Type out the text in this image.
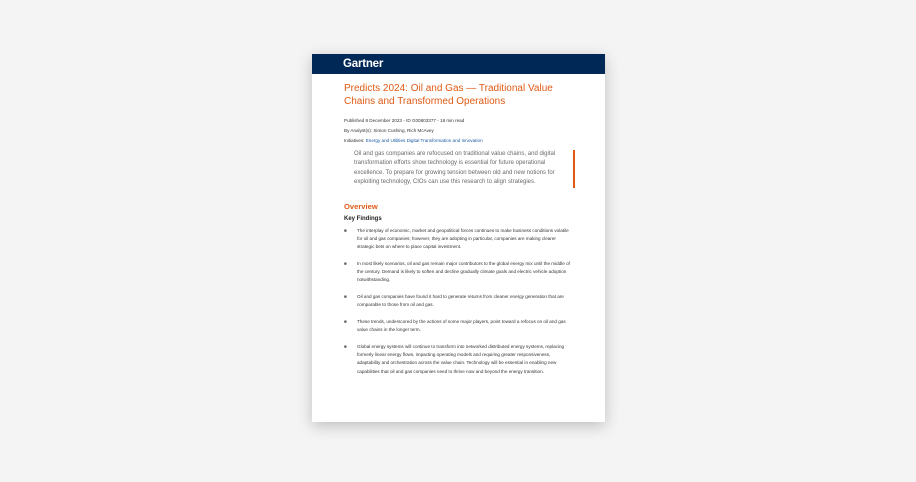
Gartner
Predicts 2024: Oil and Gas — Traditional Value Chains and Transformed Operations
Published 8 December 2023 - ID G00803377 - 18 min read
By Analyst(s): Simon Cushing, Rich McAvey
Initiatives: Energy and Utilities Digital Transformation and Innovation
Oil and gas companies are refocused on traditional value chains, and digital transformation efforts show technology is essential for future operational excellence. To prepare for growing tension between old and new notions for exploiting technology, CIOs can use this research to align strategies.
Overview
Key Findings
■	The interplay of economic, market and geopolitical forces continues to make business conditions volatile for oil and gas companies; however, they are adopting in particular, companies are making clearer strategic bets on where to place capital investment.
■	In most likely scenarios, oil and gas remain major contributors to the global energy mix until the middle of the century. Demand is likely to soften and decline gradually climate goals and electric vehicle adoption notwithstanding.
■	Oil and gas companies have found it hard to generate returns from cleaner energy generation that are comparable to those from oil and gas.
■	These trends, underscored by the actions of some major players, point toward a refocus on oil and gas value chains in the longer term.
■	Global energy systems will continue to transform into networked distributed energy systems, replacing formerly linear energy flows, impacting operating models and requiring greater responsiveness, adaptability and orchestration across the value chain. Technology will be essential in enabling new capabilities that oil and gas companies need to thrive now and beyond the energy transition.
